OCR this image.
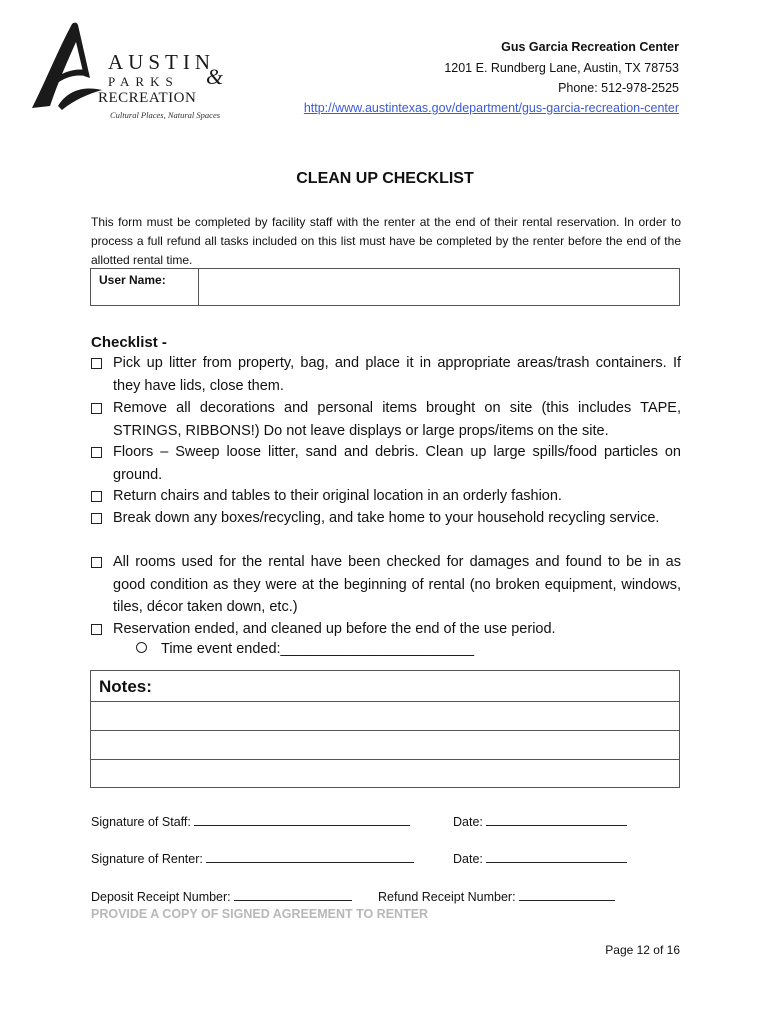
AUSTIN
PARKS &
RECREATION
Cultural Places, Natural Spaces
Gus Garcia Recreation Center
1201 E. Rundberg Lane, Austin, TX 78753
Phone: 512-978-2525
http://www.austintexas.gov/department/gus-garcia-recreation-center
CLEAN UP CHECKLIST
This form must be completed by facility staff with the renter at the end of their rental reservation. In order to process a full refund all tasks included on this list must have be completed by the renter before the end of the allotted rental time.
User Name:
Checklist -
Pick up litter from property, bag, and place it in appropriate areas/trash containers. If they have lids, close them.
Remove all decorations and personal items brought on site (this includes TAPE, STRINGS, RIBBONS!) Do not leave displays or large props/items on the site.
Floors – Sweep loose litter, sand and debris. Clean up large spills/food particles on ground.
Return chairs and tables to their original location in an orderly fashion.
Break down any boxes/recycling, and take home to your household recycling service.
All rooms used for the rental have been checked for damages and found to be in as good condition as they were at the beginning of rental (no broken equipment, windows, tiles, décor taken down, etc.)
Reservation ended, and cleaned up before the end of the use period.
Time event ended:________________________
Notes:
Signature of Staff:	Date:
Signature of Renter:	Date:
Deposit Receipt Number:	Refund Receipt Number:
PROVIDE A COPY OF SIGNED AGREEMENT TO RENTER
Page 12 of 16
